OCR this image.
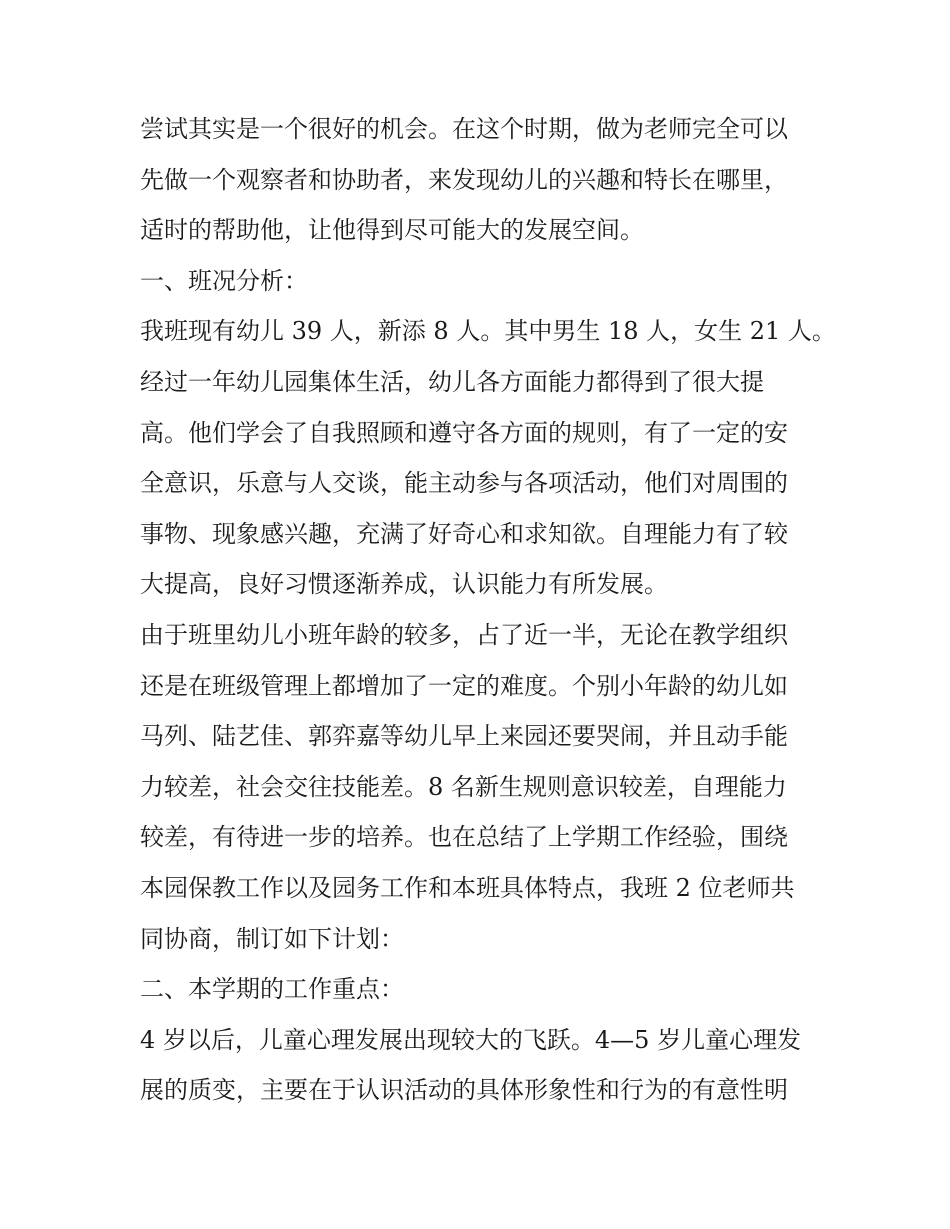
尝试其实是一个很好的机会。在这个时期，做为老师完全可以
先做一个观察者和协助者，来发现幼儿的兴趣和特长在哪里，
适时的帮助他，让他得到尽可能大的发展空间。
一、班况分析：
我班现有幼儿 39 人，新添 8 人。其中男生 18 人，女生 21 人。
经过一年幼儿园集体生活，幼儿各方面能力都得到了很大提
高。他们学会了自我照顾和遵守各方面的规则，有了一定的安
全意识，乐意与人交谈，能主动参与各项活动，他们对周围的
事物、现象感兴趣，充满了好奇心和求知欲。自理能力有了较
大提高，良好习惯逐渐养成，认识能力有所发展。
由于班里幼儿小班年龄的较多，占了近一半，无论在教学组织
还是在班级管理上都增加了一定的难度。个别小年龄的幼儿如
马列、陆艺佳、郭弈嘉等幼儿早上来园还要哭闹，并且动手能
力较差，社会交往技能差。8 名新生规则意识较差，自理能力
较差，有待进一步的培养。也在总结了上学期工作经验，围绕
本园保教工作以及园务工作和本班具体特点，我班 2 位老师共
同协商，制订如下计划：
二、本学期的工作重点：
4 岁以后，儿童心理发展出现较大的飞跃。4—5 岁儿童心理发
展的质变，主要在于认识活动的具体形象性和行为的有意性明
